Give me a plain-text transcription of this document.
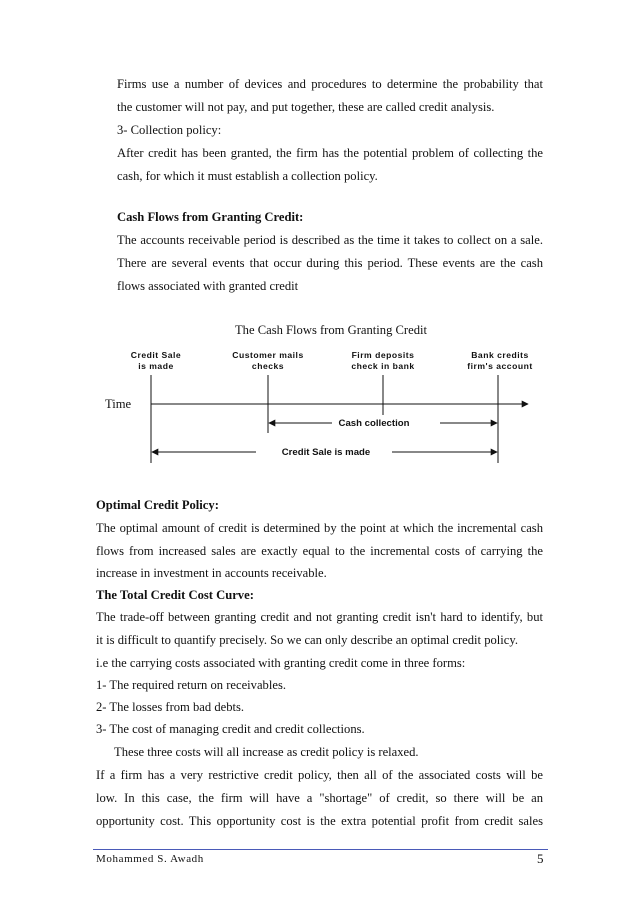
Firms use a number of devices and procedures to determine the probability that

the customer will not pay, and put together, these are called credit analysis.

3- Collection policy:

After credit has been granted, the firm has the potential problem of collecting the

cash, for which it must establish a collection policy.

Cash Flows from Granting Credit:

The accounts receivable period is described as the time it takes to collect on a sale.

There are several events that occur during this period. These events are the cash

flows associated with granted credit

The Cash Flows from Granting Credit
Credit Sale
is made
Customer mails
checks
Firm deposits
check in bank
Bank credits
firm's account
Time
Cash collection
Credit Sale is made

Optimal Credit Policy:

The optimal amount of credit is determined by the point at which the incremental cash

flows from increased sales are exactly equal to the incremental costs of carrying the

increase in investment in accounts receivable.

The Total Credit Cost Curve:

The trade-off between granting credit and not granting credit isn't hard to identify, but

it is difficult to quantify precisely. So we can only describe an optimal credit policy.

i.e the carrying costs associated with granting credit come in three forms:

1- The required return on receivables.

2- The losses from bad debts.

3- The cost of managing credit and credit collections.

These three costs will all increase as credit policy is relaxed.

If a firm has a very restrictive credit policy, then all of the associated costs will be

low. In this case, the firm will have a "shortage" of credit, so there will be an

opportunity cost. This opportunity cost is the extra potential profit from credit sales

Mohammed S. Awadh	5
